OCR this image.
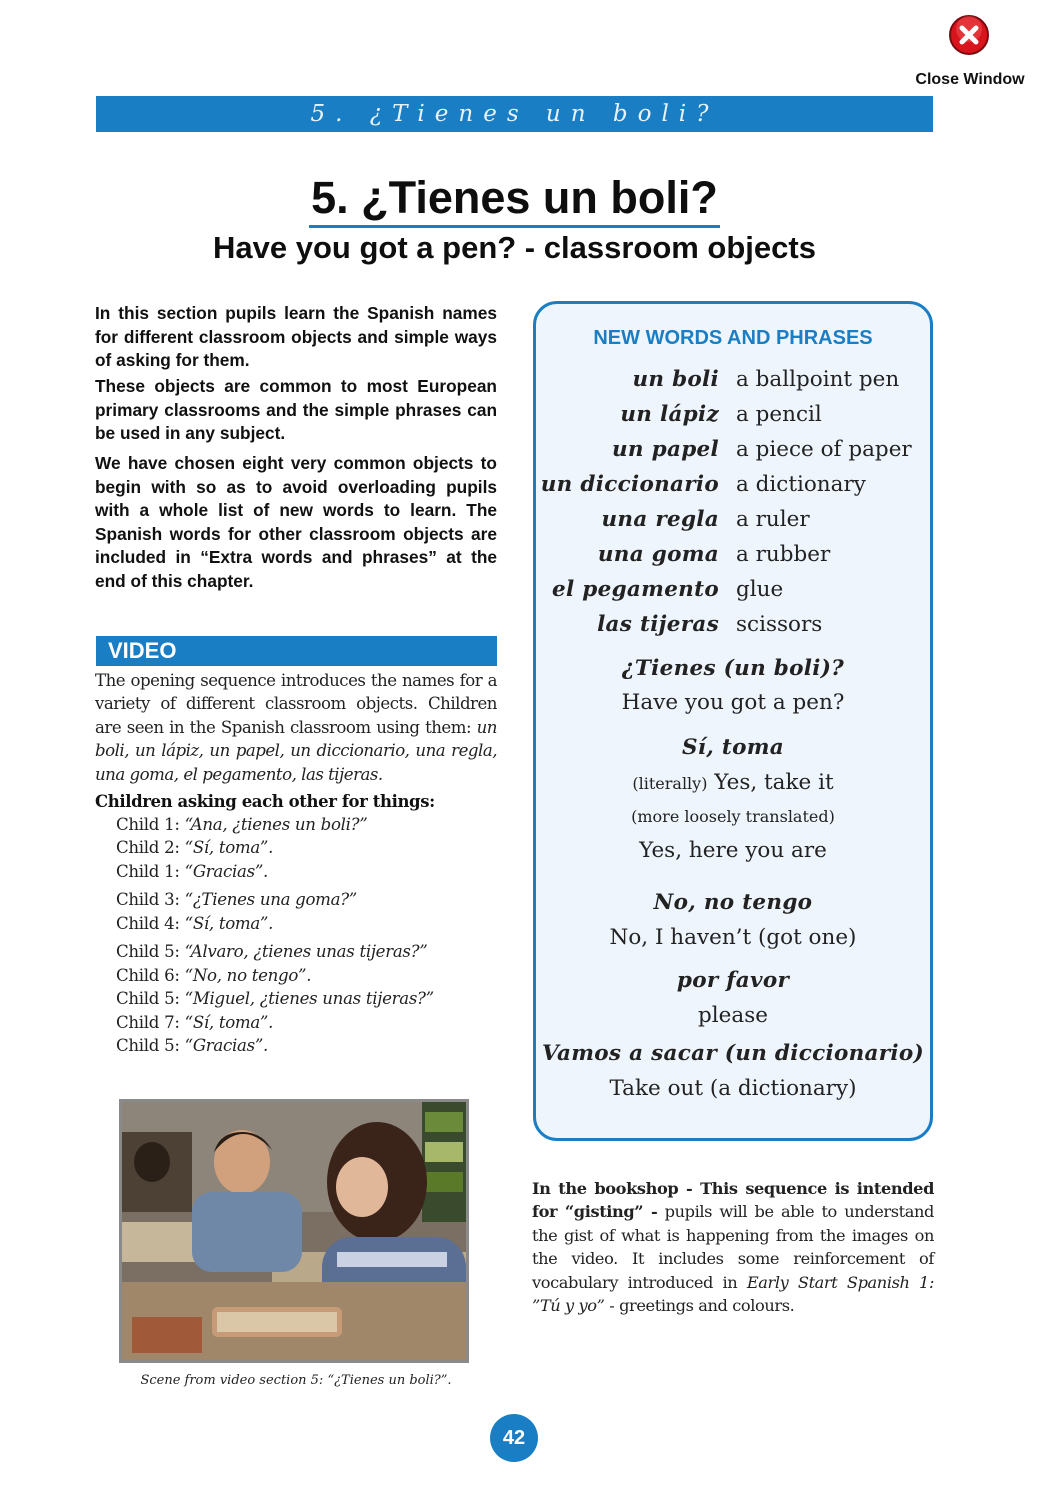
Close Window
5. ¿Tienes un boli?
5. ¿Tienes un boli?
Have you got a pen? - classroom objects

In this section pupils learn the Spanish names for different classroom objects and simple ways of asking for them.

These objects are common to most European primary classrooms and the simple phrases can be used in any subject.

We have chosen eight very common objects to begin with so as to avoid overloading pupils with a whole list of new words to learn. The Spanish words for other classroom objects are included in “Extra words and phrases” at the end of this chapter.

VIDEO

The opening sequence introduces the names for a variety of different classroom objects. Children are seen in the Spanish classroom using them: un boli, un lápiz, un papel, un diccionario, una regla, una goma, el pegamento, las tijeras.

Children asking each other for things:
Child 1: “Ana, ¿tienes un boli?”
Child 2: “Sí, toma”.
Child 1: “Gracias”.
Child 3: “¿Tienes una goma?”
Child 4: “Sí, toma”.
Child 5: “Alvaro, ¿tienes unas tijeras?”
Child 6: “No, no tengo”.
Child 5: “Miguel, ¿tienes unas tijeras?”
Child 7: “Sí, toma”.
Child 5: “Gracias”.
Scene from video section 5: “¿Tienes un boli?”.
NEW WORDS AND PHRASES
un boli a ballpoint pen
un lápiz a pencil
un papel a piece of paper
un diccionario a dictionary
una regla a ruler
una goma a rubber
el pegamento glue
las tijeras scissors
¿Tienes (un boli)?
Have you got a pen?
Sí, toma
(literally) Yes, take it
(more loosely translated)
Yes, here you are
No, no tengo
No, I haven’t (got one)
por favor
please
Vamos a sacar (un diccionario)
Take out (a dictionary)

In the bookshop - This sequence is intended for “gisting” - pupils will be able to understand the gist of what is happening from the images on the video. It includes some reinforcement of vocabulary introduced in Early Start Spanish 1: ”Tú y yo” - greetings and colours.

42
